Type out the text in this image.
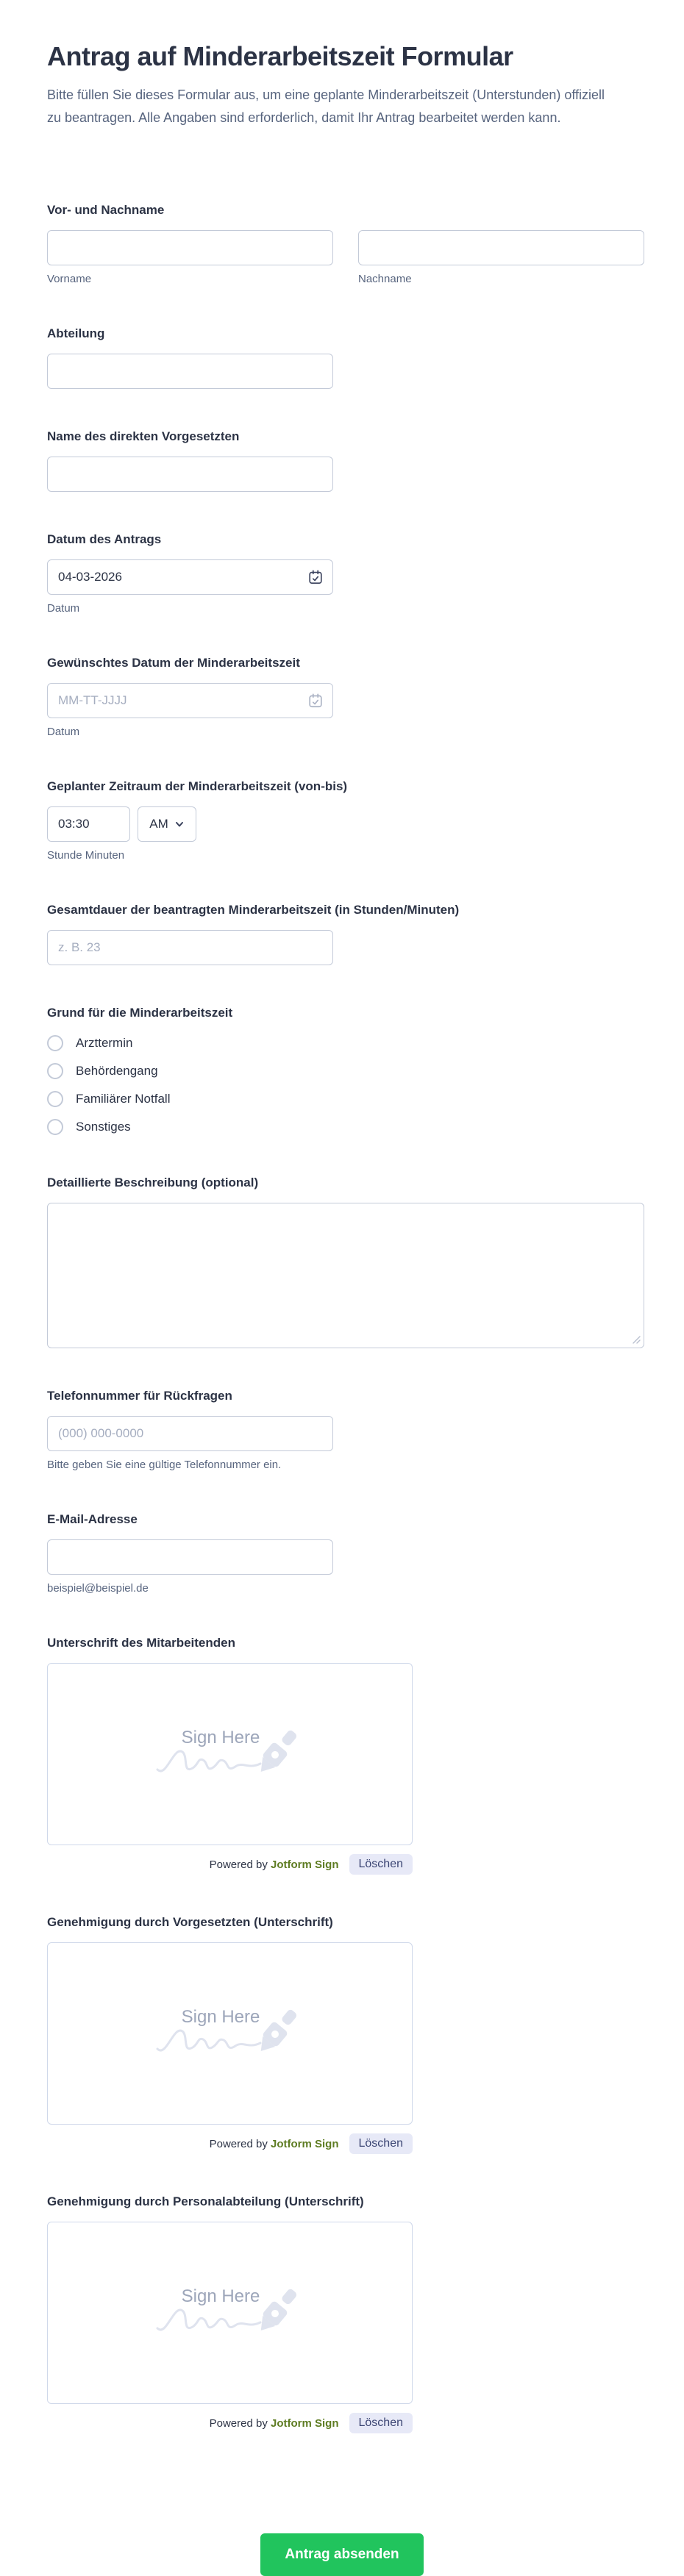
Antrag auf Minderarbeitszeit Formular

Bitte füllen Sie dieses Formular aus, um eine geplante Minderarbeitszeit (Unterstunden) offiziell zu beantragen. Alle Angaben sind erforderlich, damit Ihr Antrag bearbeitet werden kann.

Vor- und Nachname
Vorname	Nachname
Abteilung
Name des direkten Vorgesetzten
Datum des Antrags
04-03-2026
Datum
Gewünschtes Datum der Minderarbeitszeit
MM-TT-JJJJ
Datum
Geplanter Zeitraum der Minderarbeitszeit (von-bis)
03:30
AM
Stunde Minuten
Gesamtdauer der beantragten Minderarbeitszeit (in Stunden/Minuten)
z. B. 23
Grund für die Minderarbeitszeit
Arzttermin
Behördengang
Familiärer Notfall
Sonstiges
Detaillierte Beschreibung (optional)
Telefonnummer für Rückfragen
(000) 000-0000
Bitte geben Sie eine gültige Telefonnummer ein.
E-Mail-Adresse
beispiel@beispiel.de
Unterschrift des Mitarbeitenden
Sign Here
Powered by Jotform Sign	Löschen
Genehmigung durch Vorgesetzten (Unterschrift)
Sign Here
Powered by Jotform Sign	Löschen
Genehmigung durch Personalabteilung (Unterschrift)
Sign Here
Powered by Jotform Sign	Löschen
Antrag absenden
